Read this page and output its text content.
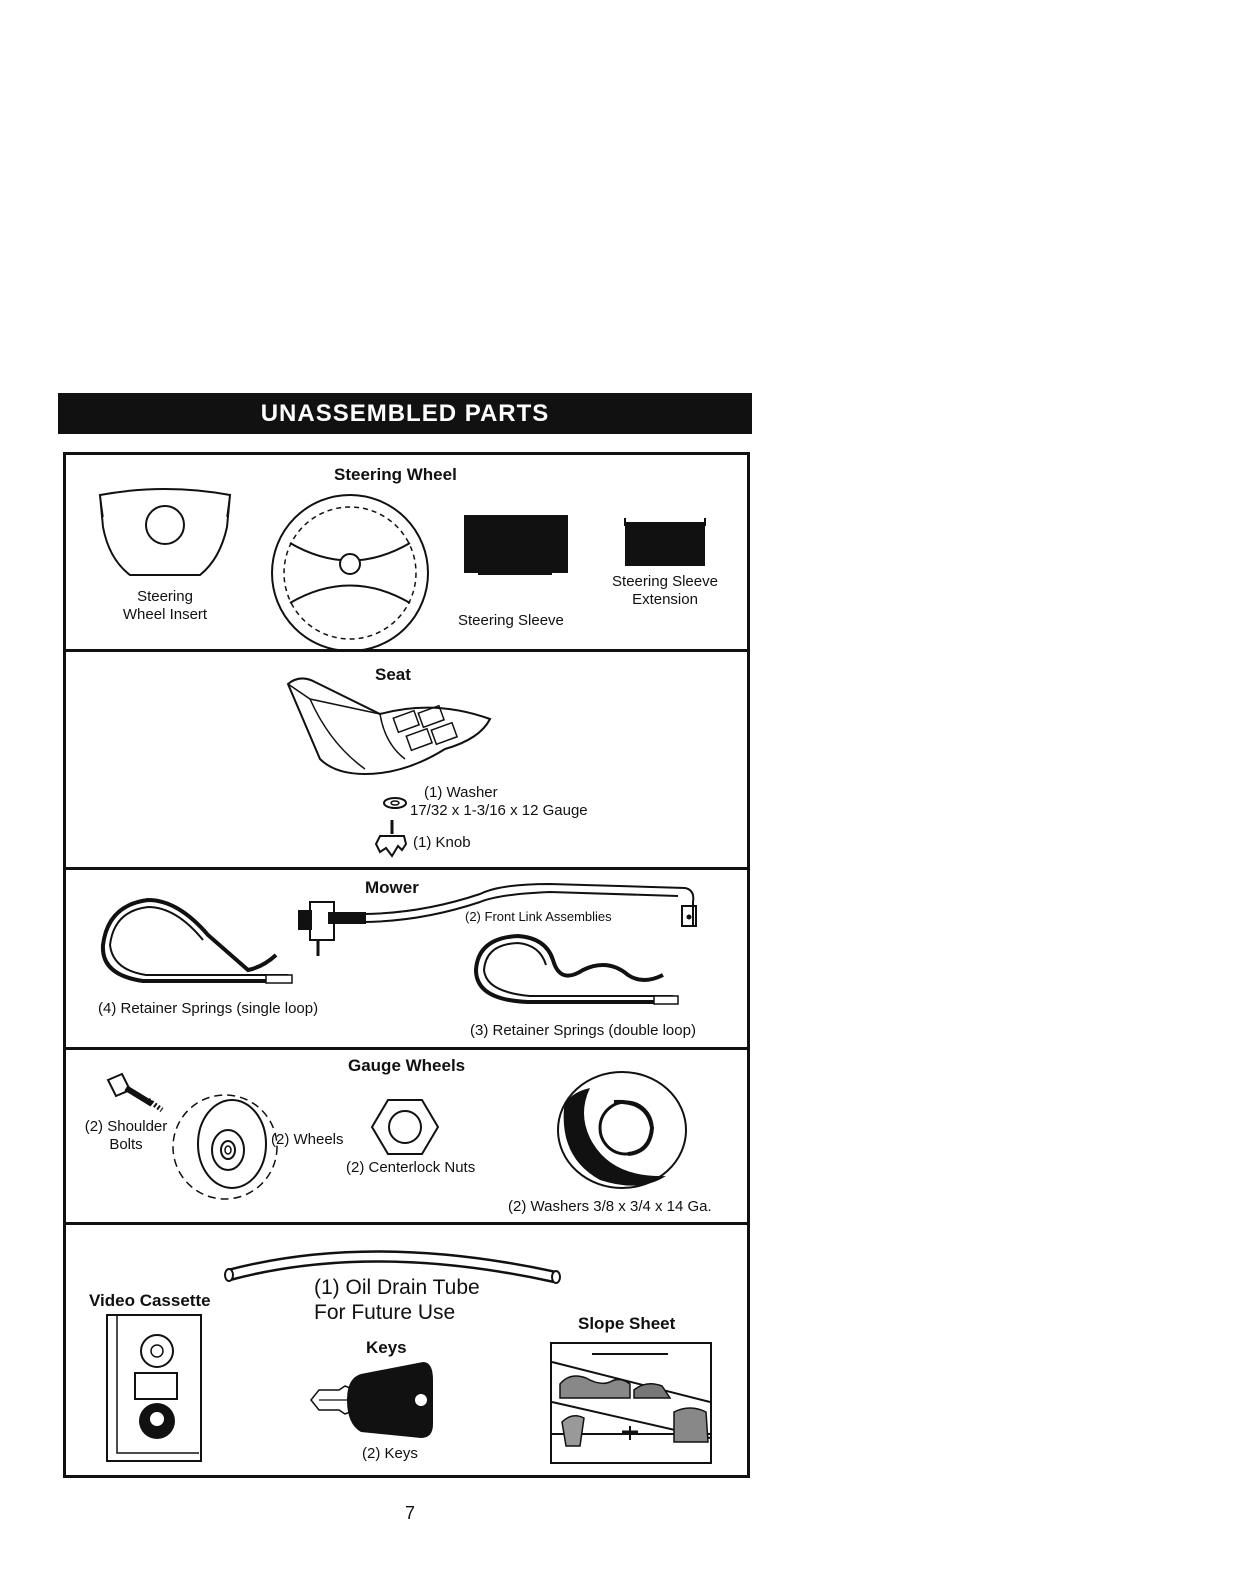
UNASSEMBLED PARTS
Steering Wheel
Steering
Wheel Insert	Steering Sleeve
Steering Sleeve
Extension
Seat
(1) Washer
17/32 x 1-3/16 x 12 Gauge
(1) Knob
Mower
(4) Retainer Springs (single loop)
(2) Front Link Assemblies
(3) Retainer Springs (double loop)
Gauge Wheels
(2) Shoulder
Bolts	(2) Wheels
(2) Centerlock Nuts
(2) Washers 3/8 x 3/4 x 14 Ga.
Video Cassette
(1) Oil Drain Tube
For Future Use
Keys
(2) Keys
Slope Sheet
7
